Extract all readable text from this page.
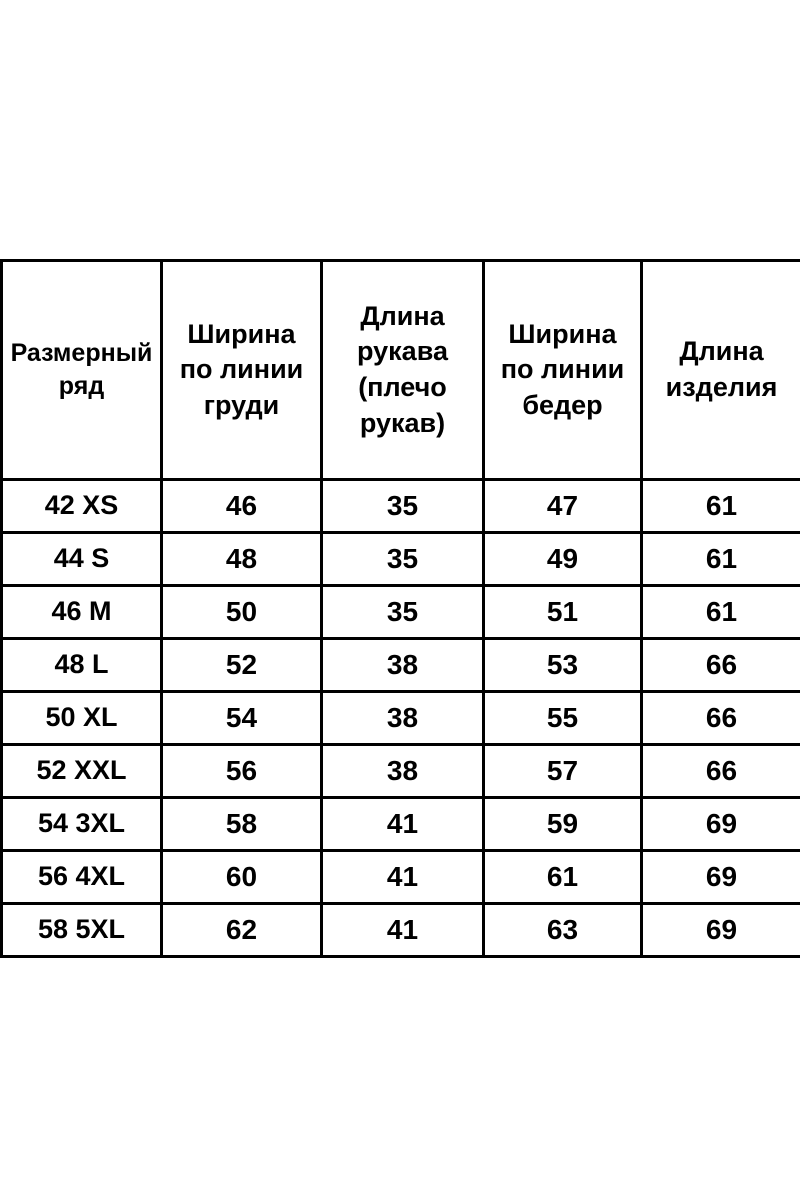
Размерный ряд	Ширина по линии груди	Длина рукава (плечо рукав)	Ширина по линии бедер	Длина изделия
42 XS	46	35	47	61
44 S	48	35	49	61
46 M	50	35	51	61
48 L	52	38	53	66
50 XL	54	38	55	66
52 XXL	56	38	57	66
54 3XL	58	41	59	69
56 4XL	60	41	61	69
58 5XL	62	41	63	69
